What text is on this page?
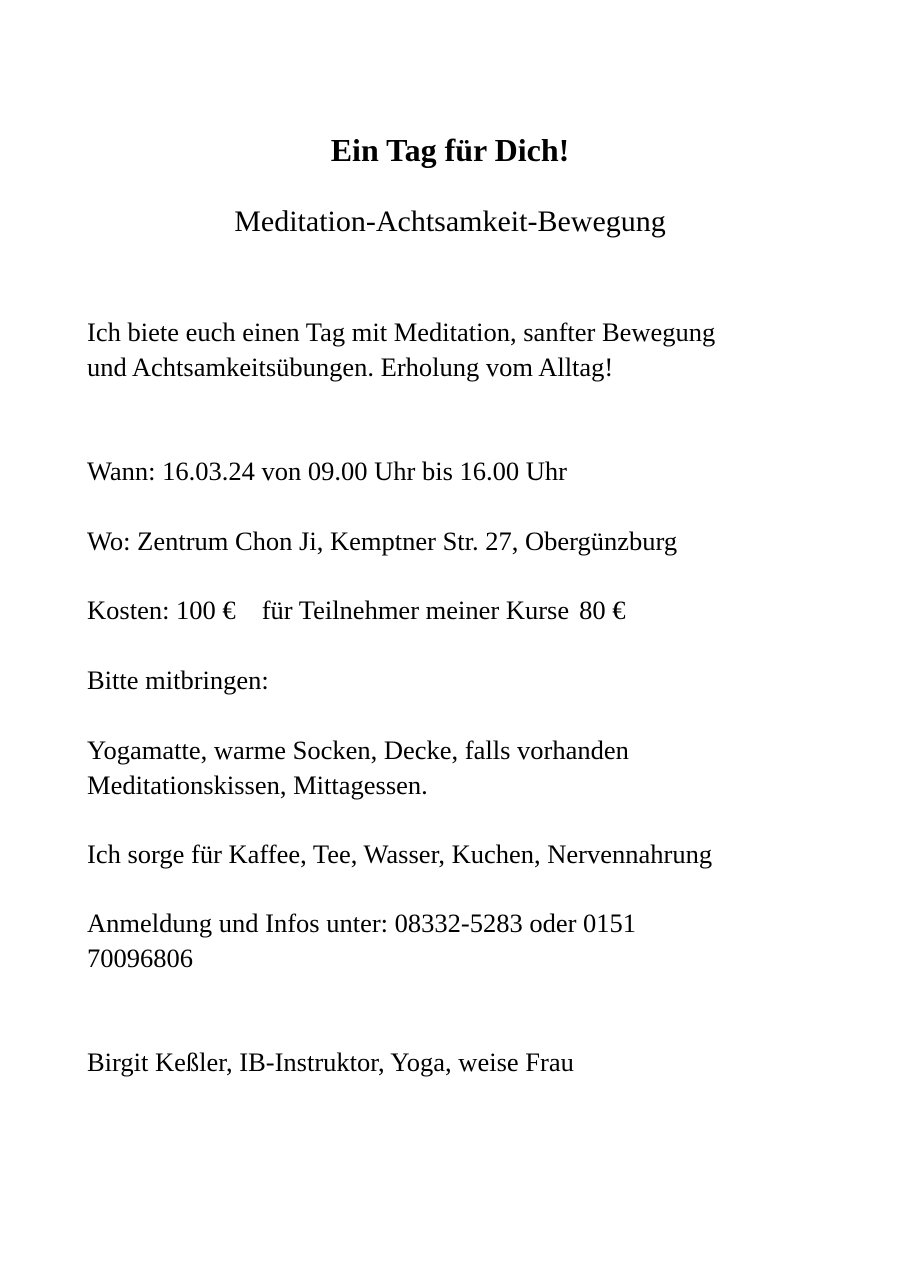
Ein Tag für Dich!
Meditation-Achtsamkeit-Bewegung

Ich biete euch einen Tag mit Meditation, sanfter Bewegung
und Achtsamkeitsübungen. Erholung vom Alltag!

Wann: 16.03.24 von 09.00 Uhr bis 16.00 Uhr

Wo: Zentrum Chon Ji, Kemptner Str. 27, Obergünzburg

Kosten: 100 € für Teilnehmer meiner Kurse 80 €

Bitte mitbringen:

Yogamatte, warme Socken, Decke, falls vorhanden
Meditationskissen, Mittagessen.

Ich sorge für Kaffee, Tee, Wasser, Kuchen, Nervennahrung

Anmeldung und Infos unter: 08332-5283 oder 0151
70096806

Birgit Keßler, IB-Instruktor, Yoga, weise Frau
